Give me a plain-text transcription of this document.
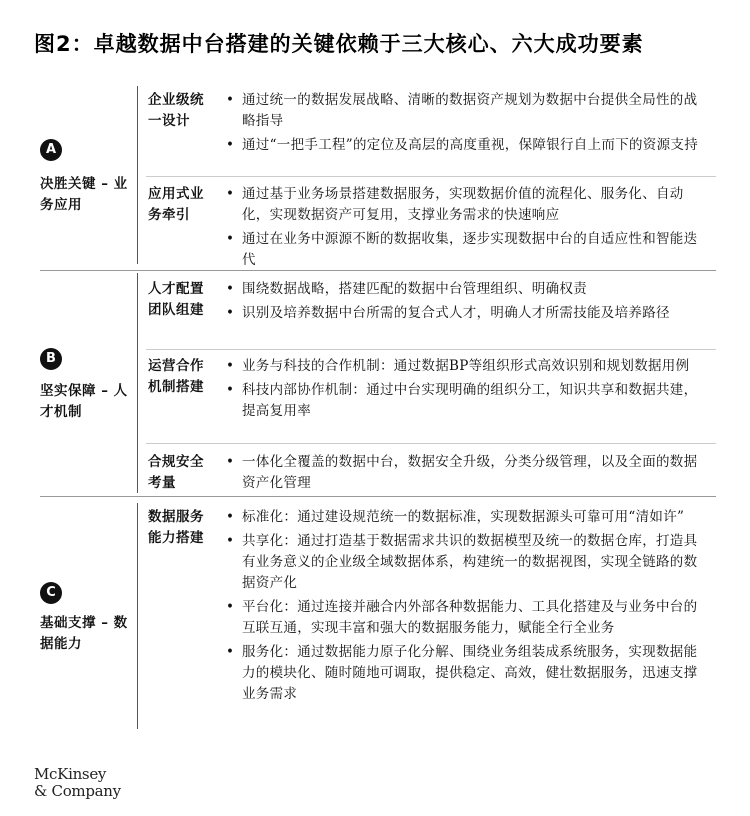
图2：卓越数据中台搭建的关键依赖于三大核心、六大成功要素
A
决胜关键 – 业务应用
企业级统一设计
• 通过统一的数据发展战略、清晰的数据资产规划为数据中台提供全局性的战略指导
• 通过“一把手工程”的定位及高层的高度重视，保障银行自上而下的资源支持
应用式业务牵引
• 通过基于业务场景搭建数据服务，实现数据价值的流程化、服务化、自动化，实现数据资产可复用，支撑业务需求的快速响应
• 通过在业务中源源不断的数据收集，逐步实现数据中台的自适应性和智能迭代
B
坚实保障 – 人才机制
人才配置团队组建
• 围绕数据战略，搭建匹配的数据中台管理组织、明确权责
• 识别及培养数据中台所需的复合式人才，明确人才所需技能及培养路径
运营合作机制搭建
• 业务与科技的合作机制：通过数据BP等组织形式高效识别和规划数据用例
• 科技内部协作机制：通过中台实现明确的组织分工，知识共享和数据共建，提高复用率
合规安全考量
• 一体化全覆盖的数据中台，数据安全升级，分类分级管理，以及全面的数据资产化管理
C
基础支撑 – 数据能力
数据服务能力搭建
• 标准化：通过建设规范统一的数据标准，实现数据源头可靠可用“清如许”
• 共享化：通过打造基于数据需求共识的数据模型及统一的数据仓库，打造具有业务意义的企业级全域数据体系，构建统一的数据视图，实现全链路的数据资产化
• 平台化：通过连接并融合内外部各种数据能力、工具化搭建及与业务中台的互联互通，实现丰富和强大的数据服务能力，赋能全行全业务
• 服务化：通过数据能力原子化分解、围绕业务组装成系统服务，实现数据能力的模块化、随时随地可调取，提供稳定、高效，健壮数据服务，迅速支撑业务需求
McKinsey
& Company
